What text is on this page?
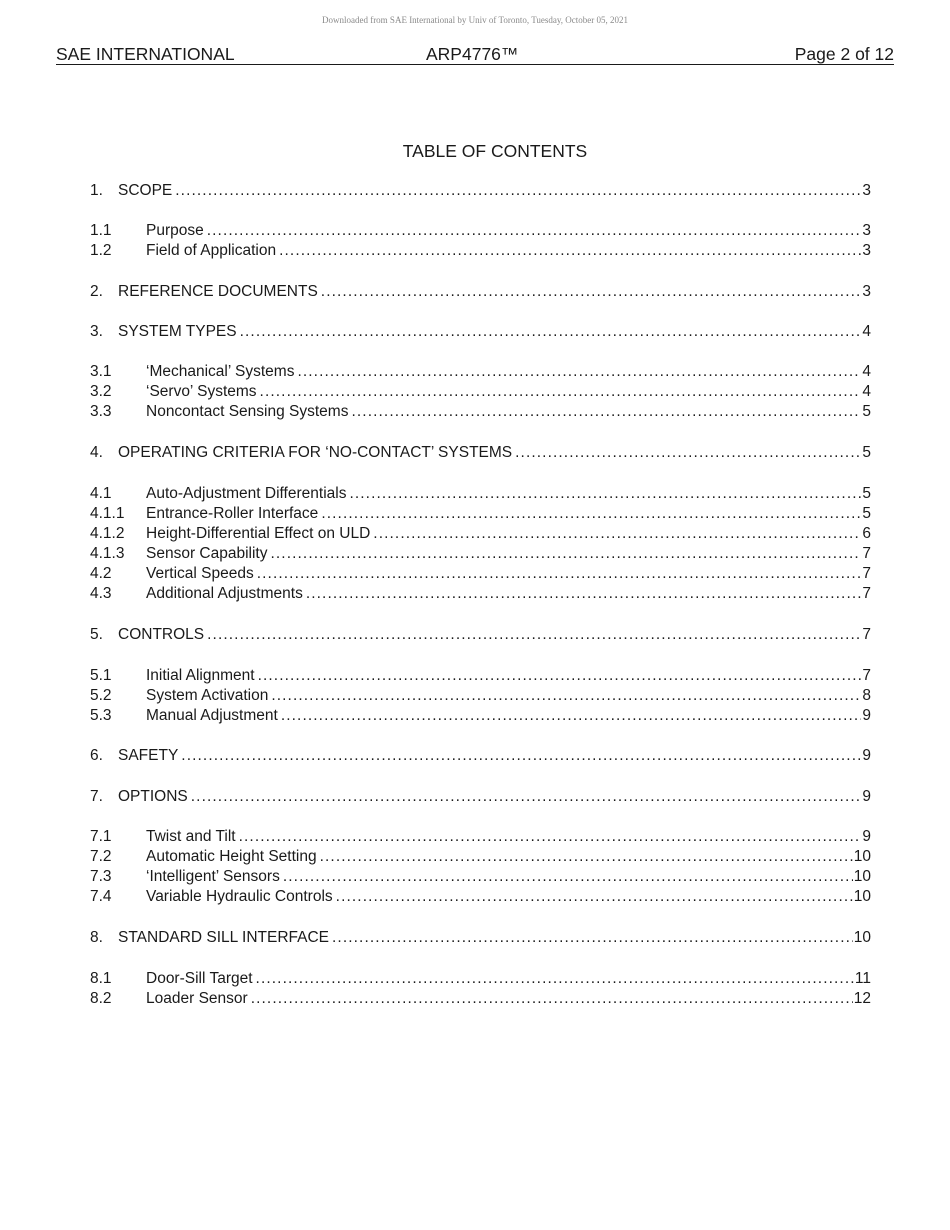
Downloaded from SAE International by Univ of Toronto, Tuesday, October 05, 2021
SAE INTERNATIONAL	ARP4776™	Page 2 of 12
TABLE OF CONTENTS
1. SCOPE .....	3
1.1	Purpose .....	3
1.2	Field of Application .....	3
2. REFERENCE DOCUMENTS .....	3
3. SYSTEM TYPES .....	4
3.1	‘Mechanical’ Systems .....	4
3.2	‘Servo’ Systems .....	4
3.3	Noncontact Sensing Systems .....	5
4. OPERATING CRITERIA FOR ‘NO-CONTACT’ SYSTEMS .....	5
4.1	Auto-Adjustment Differentials .....	5
4.1.1	Entrance-Roller Interface .....	5
4.1.2	Height-Differential Effect on ULD .....	6
4.1.3	Sensor Capability .....	7
4.2	Vertical Speeds .....	7
4.3	Additional Adjustments .....	7
5. CONTROLS .....	7
5.1	Initial Alignment .....	7
5.2	System Activation .....	8
5.3	Manual Adjustment .....	9
6. SAFETY .....	9
7. OPTIONS .....	9
7.1	Twist and Tilt .....	9
7.2	Automatic Height Setting .....	10
7.3	‘Intelligent’ Sensors .....	10
7.4	Variable Hydraulic Controls .....	10
8. STANDARD SILL INTERFACE .....	10
8.1	Door-Sill Target .....	11
8.2	Loader Sensor .....	12
